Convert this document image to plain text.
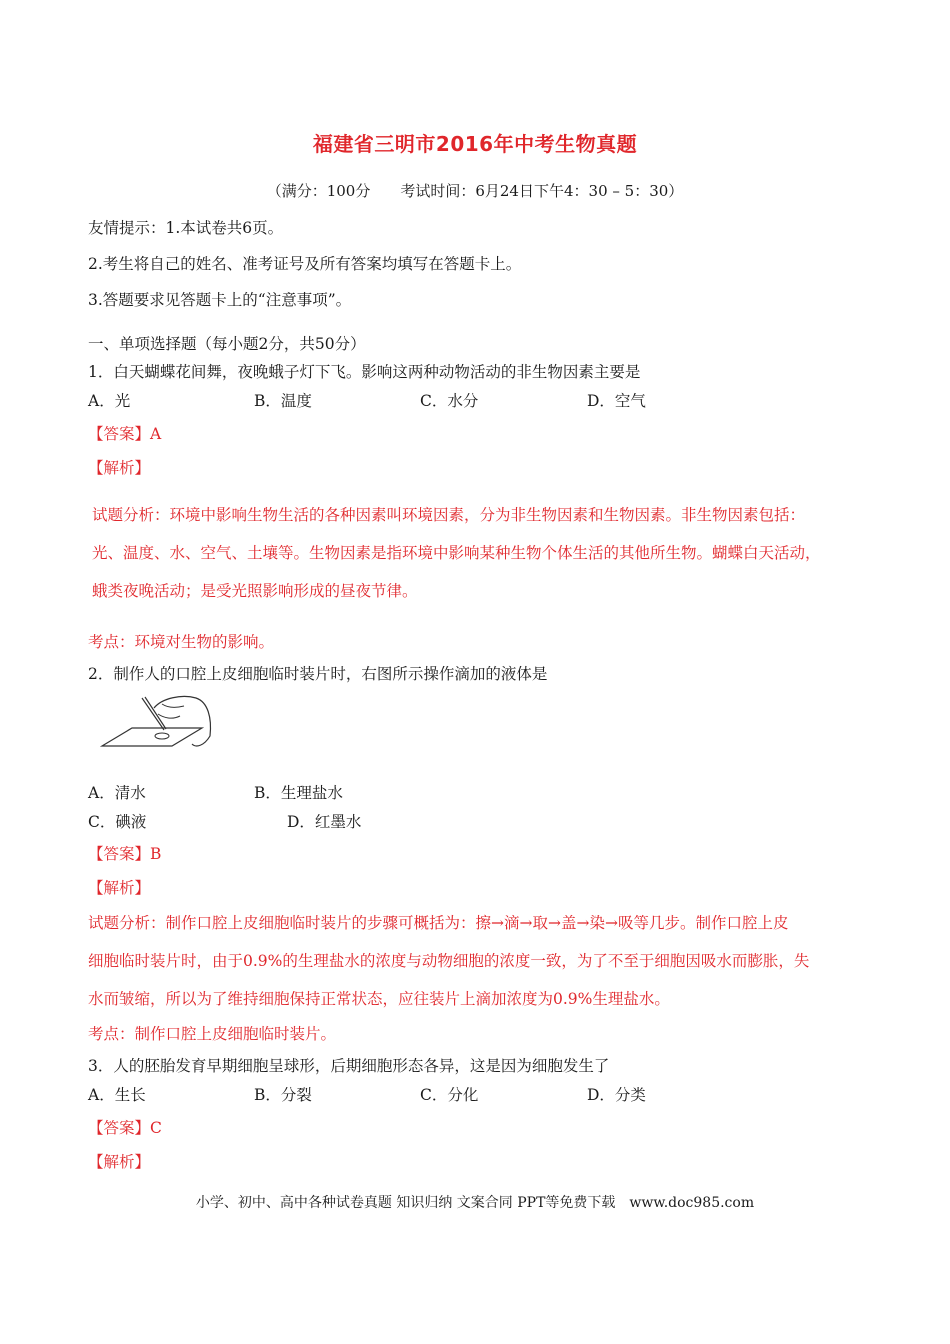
福建省三明市2016年中考生物真题
（满分：100分　　考试时间：6月24日下午4：30 – 5：30）
友情提示：1.本试卷共6页。
2.考生将自己的姓名、准考证号及所有答案均填写在答题卡上。
3.答题要求见答题卡上的“注意事项”。
一、单项选择题（每小题2分，共50分）
1．白天蝴蝶花间舞，夜晚蛾子灯下飞。影响这两种动物活动的非生物因素主要是
A．光	B．温度	C．水分	D．空气
【答案】A
【解析】
试题分析：环境中影响生物生活的各种因素叫环境因素，分为非生物因素和生物因素。非生物因素包括：
光、温度、水、空气、土壤等。生物因素是指环境中影响某种生物个体生活的其他所生物。蝴蝶白天活动，
蛾类夜晚活动；是受光照影响形成的昼夜节律。
考点：环境对生物的影响。
2．制作人的口腔上皮细胞临时装片时，右图所示操作滴加的液体是
A．清水	B．生理盐水
C．碘液	D．红墨水
【答案】B
【解析】
试题分析：制作口腔上皮细胞临时装片的步骤可概括为：擦→滴→取→盖→染→吸等几步。制作口腔上皮
细胞临时装片时，由于0.9%的生理盐水的浓度与动物细胞的浓度一致，为了不至于细胞因吸水而膨胀，失
水而皱缩，所以为了维持细胞保持正常状态，应往装片上滴加浓度为0.9%生理盐水。
考点：制作口腔上皮细胞临时装片。
3．人的胚胎发育早期细胞呈球形，后期细胞形态各异，这是因为细胞发生了
A．生长	B．分裂	C．分化	D．分类
【答案】C
【解析】
小学、初中、高中各种试卷真题 知识归纳 文案合同 PPT等免费下载　www.doc985.com
